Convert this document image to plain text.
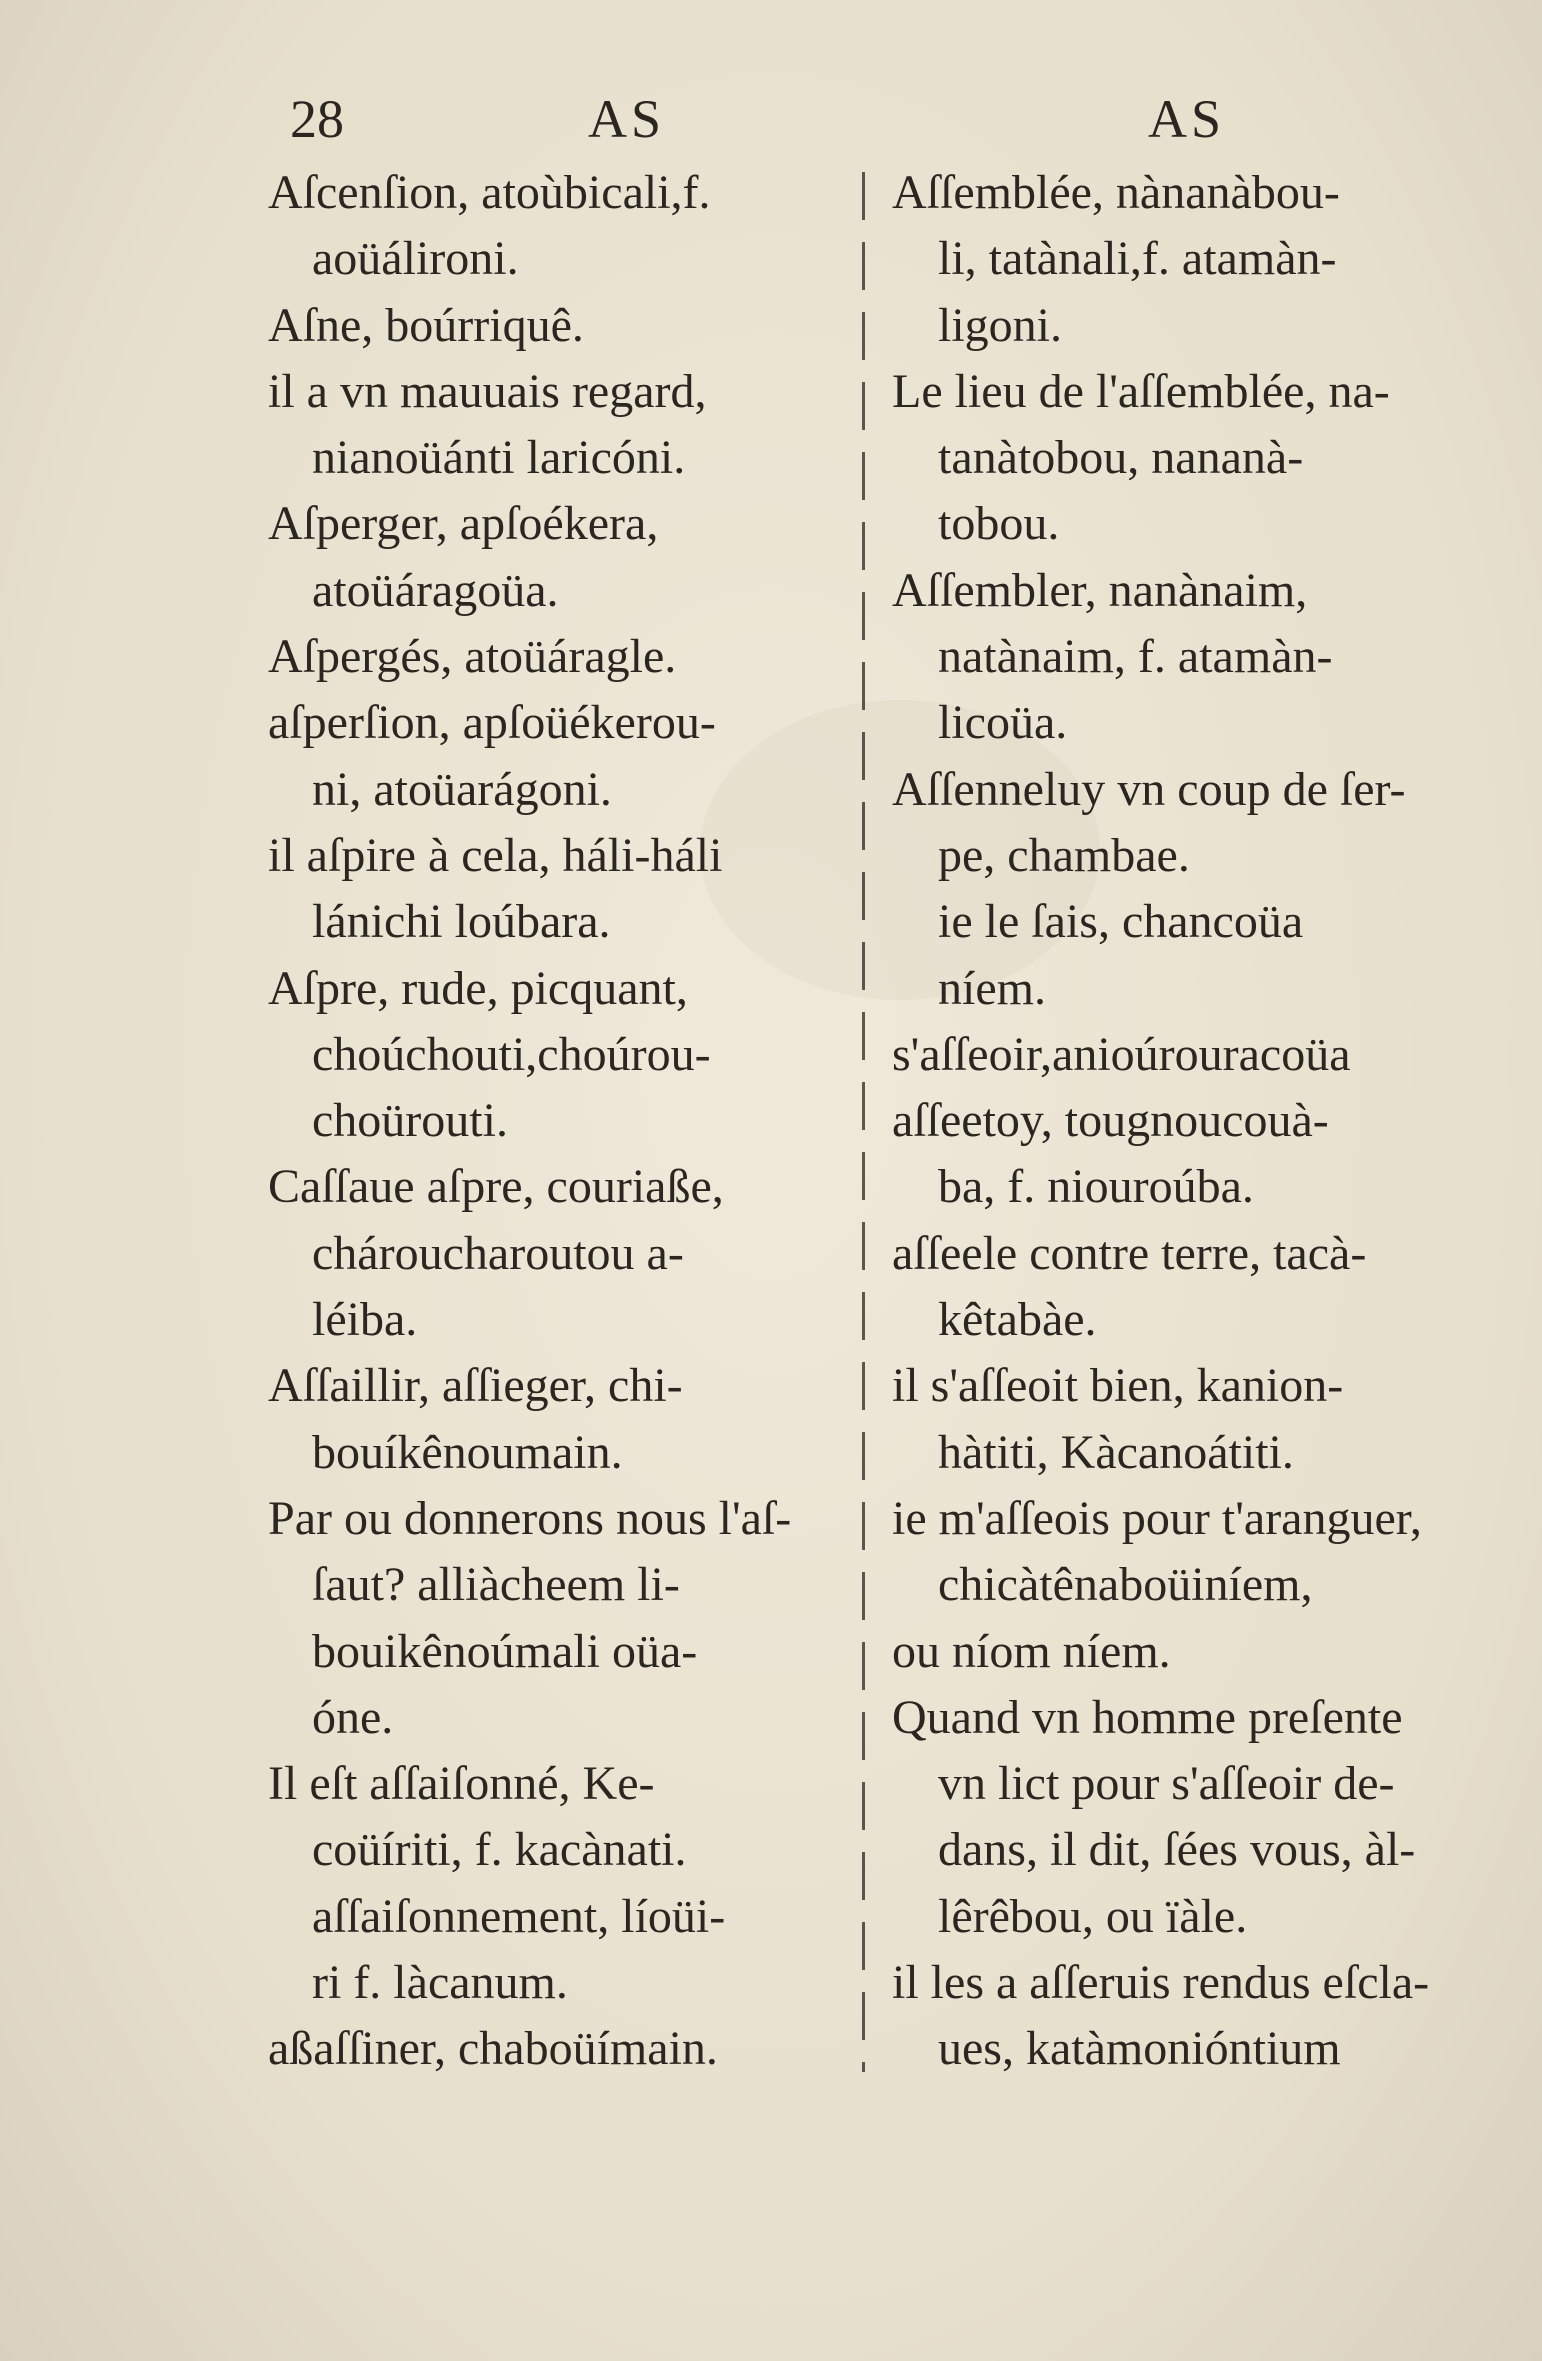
28	AS	AS
Aſcenſion, atoùbicali,f.
aoüálironi.
Aſne, boúrriquê.
il a vn mauuais regard,
nianoüánti laricóni.
Aſperger, apſoékera,
atoüáragoüa.
Aſpergés, atoüáragle.
aſperſion, apſoüékerou-
ni, atoüarágoni.
il aſpire à cela, háli-háli
lánichi loúbara.
Aſpre, rude, picquant,
choúchouti,choúrou-
choürouti.
Caſſaue aſpre, couriaße,
chároucharoutou a-
léiba.
Aſſaillir, aſſieger, chi-
bouíkênoumain.
Par ou donnerons nous l'aſ-
ſaut? alliàcheem li-
bouikênoúmali oüa-
óne.
Il eſt aſſaiſonné, Ke-
coüíriti, f. kacànati.
aſſaiſonnement, líoüi-
ri f. làcanum.
aßaſſiner, chaboüímain.
Aſſemblée, nànanàbou-
li, tatànali,f. atamàn-
ligoni.
Le lieu de l'aſſemblée, na-
tanàtobou, nananà-
tobou.
Aſſembler, nanànaim,
natànaim, f. atamàn-
licoüa.
Aſſenneluy vn coup de ſer-
pe, chambae.
ie le ſais, chancoüa
níem.
s'aſſeoir,anioúrouracoüa
aſſeetoy, tougnoucouà-
ba, f. niouroúba.
aſſeele contre terre, tacà-
kêtabàe.
il s'aſſeoit bien, kanion-
hàtiti, Kàcanoátiti.
ie m'aſſeois pour t'aranguer,
chicàtênaboüiníem,
ou níom níem.
Quand vn homme preſente
vn lict pour s'aſſeoir de-
dans, il dit, ſées vous, àl-
lêrêbou, ou ïàle.
il les a aſſeruis rendus eſcla-
ues, katàmonióntium
